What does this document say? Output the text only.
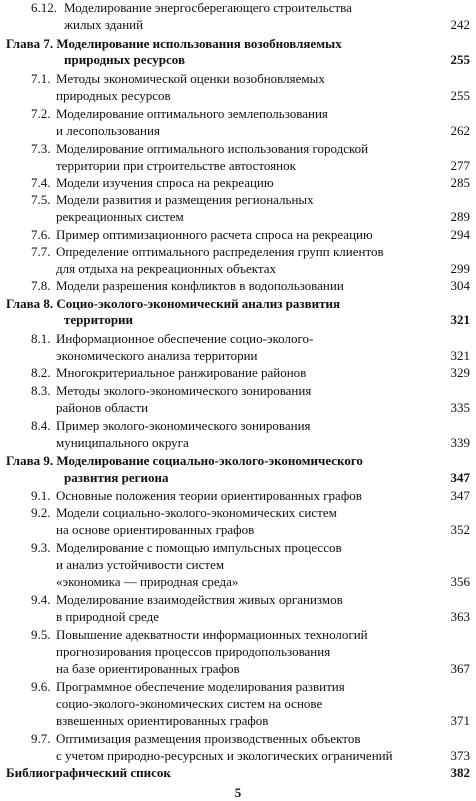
6.12. Моделирование энергосберегающего строительства
жилых зданий	242
Глава 7. Моделирование использования возобновляемых
природных ресурсов	255
7.1. Методы экономической оценки возобновляемых
природных ресурсов	255
7.2. Моделирование оптимального землепользования
и лесопользования	262
7.3. Моделирование оптимального использования городской
территории при строительстве автостоянок	277
7.4. Модели изучения спроса на рекреацию	285
7.5. Модели развития и размещения региональных
рекреационных систем	289
7.6. Пример оптимизационного расчета спроса на рекреацию	294
7.7. Определение оптимального распределения групп клиентов
для отдыха на рекреационных объектах	299
7.8. Модели разрешения конфликтов в водопользовании	304
Глава 8. Социо-эколого-экономический анализ развития
территории	321
8.1. Информационное обеспечение социо-эколого-
экономического анализа территории	321
8.2. Многокритериальное ранжирование районов	329
8.3. Методы эколого-экономического зонирования
районов области	335
8.4. Пример эколого-экономического зонирования
муниципального округа	339
Глава 9. Моделирование социально-эколого-экономического
развития региона	347
9.1. Основные положения теории ориентированных графов	347
9.2. Модели социально-эколого-экономических систем
на основе ориентированных графов	352
9.3. Моделирование с помощью импульсных процессов
и анализ устойчивости систем
«экономика — природная среда»	356
9.4. Моделирование взаимодействия живых организмов
в природной среде	363
9.5. Повышение адекватности информационных технологий
прогнозирования процессов природопользования
на базе ориентированных графов	367
9.6. Программное обеспечение моделирования развития
социо-эколого-экономических систем на основе
взвешенных ориентированных графов	371
9.7. Оптимизация размещения производственных объектов
с учетом природно-ресурсных и экологических ограничений	373
Библиографический список	382
5
